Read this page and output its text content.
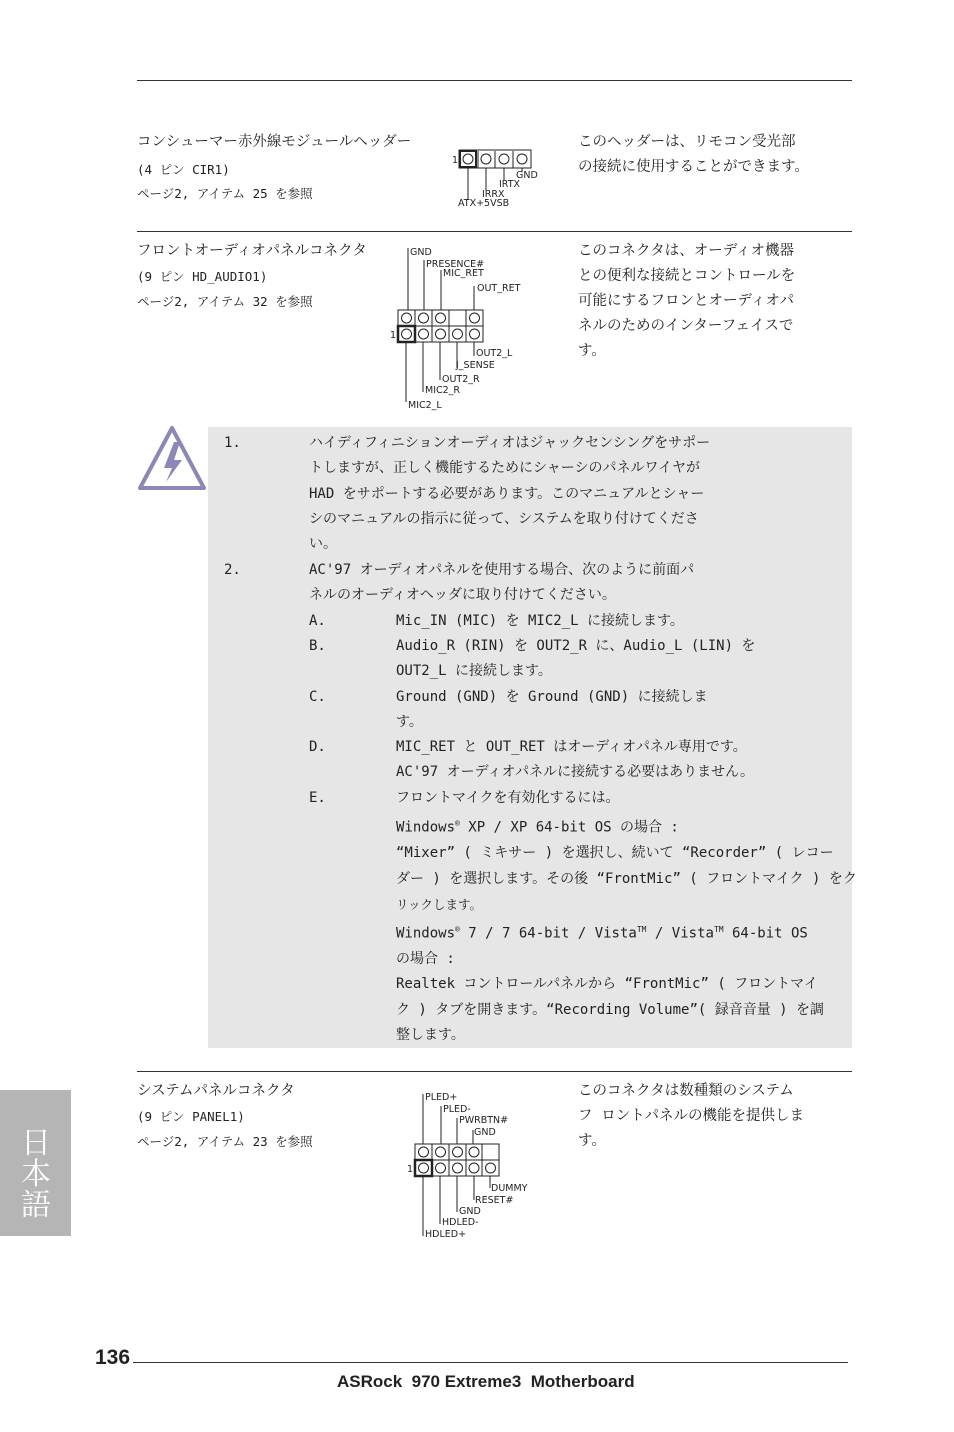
コンシューマー赤外線モジュールヘッダー
(4 ピン CIR1)
ページ2, アイテム 25 を参照
このヘッダーは、リモコン受光部
の接続に使用することができます。
1
GND
IRTX
IRRX
ATX+5VSB
フロントオーディオパネルコネクタ
(9 ピン HD_AUDIO1)
ページ2, アイテム 32 を参照
このコネクタは、オーディオ機器
との便利な接続とコントロールを
可能にするフロンとオーディオパ
ネルのためのインターフェイスで
す。
GND
PRESENCE#
MIC_RET
OUT_RET
1
OUT2_L
J_SENSE
OUT2_R
MIC2_R
MIC2_L
1.	ハイディフィニションオーディオはジャックセンシングをサポー
トしますが、正しく機能するためにシャーシのパネルワイヤが
HAD をサポートする必要があります。このマニュアルとシャー
シのマニュアルの指示に従って、システムを取り付けてくださ
い。
2.	AC'97 オーディオパネルを使用する場合、次のように前面パ
ネルのオーディオヘッダに取り付けてください。
A.	Mic_IN (MIC) を MIC2_L に接続します。
B.	Audio_R (RIN) を OUT2_R に、Audio_L (LIN) を
OUT2_L に接続します。
C.	Ground (GND) を Ground (GND) に接続しま
す。
D.	MIC_RET と OUT_RET はオーディオパネル専用です。
AC'97 オーディオパネルに接続する必要はありません。
E.	フロントマイクを有効化するには。
Windows® XP / XP 64-bit OS の場合 :
“Mixer” ( ミキサー ) を選択し、続いて “Recorder” ( レコー
ダー ) を選択します。その後 “FrontMic” ( フロントマイク ) をク
リックします。
Windows® 7 / 7 64-bit / Vista™ / Vista™ 64-bit OS
の場合 :
Realtek コントロールパネルから “FrontMic” ( フロントマイ
ク ) タブを開きます。“Recording Volume”( 録音音量 ) を調
整します。
システムパネルコネクタ
(9 ピン PANEL1)
ページ2, アイテム 23 を参照
このコネクタは数種類のシステム
フ ロントパネルの機能を提供しま
す。
PLED+
PLED-
PWRBTN#
GND
1
DUMMY
RESET#
GND
HDLED-
HDLED+
日本語
136
ASRock  970 Extreme3  Motherboard
